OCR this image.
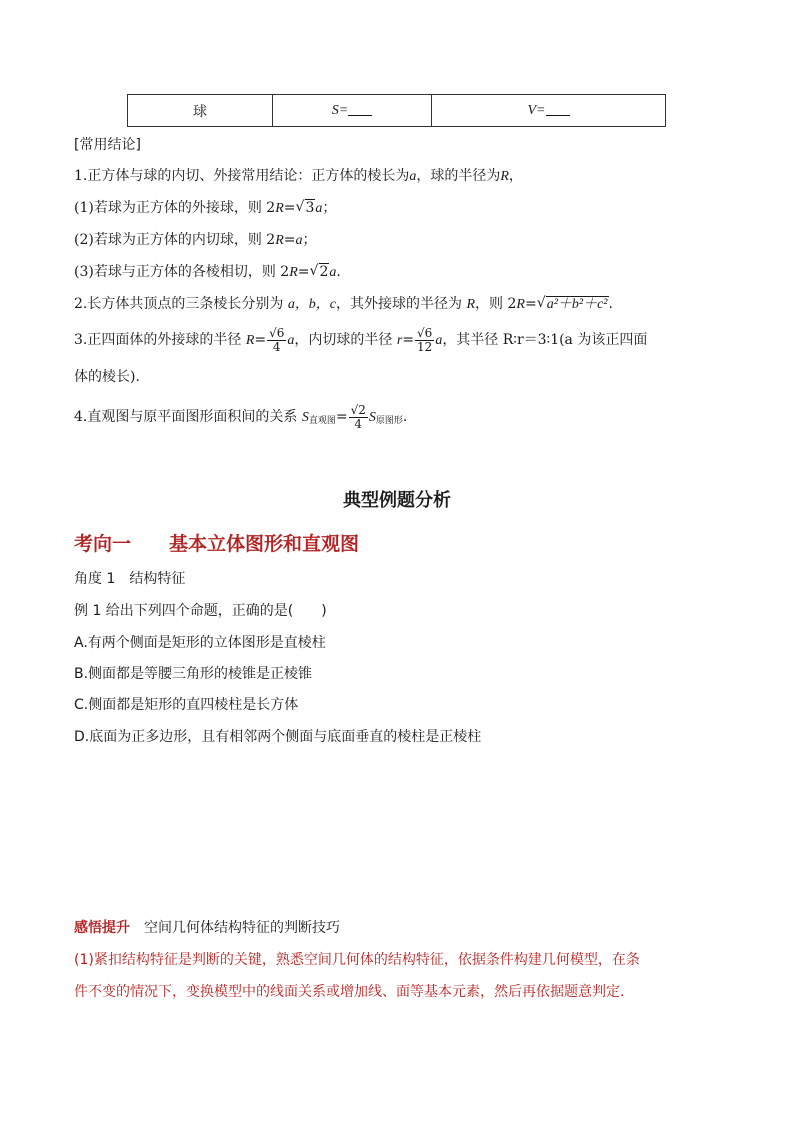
球	S=	V=
[常用结论]
1.正方体与球的内切、外接常用结论：正方体的棱长为a，球的半径为R，
(1)若球为正方体的外接球，则 2R= √ 3a；
(2)若球为正方体的内切球，则 2R=a；
(3)若球与正方体的各棱相切，则 2R= √ 2a.
2.长方体共顶点的三条棱长分别为 a，b，c，其外接球的半径为 R，则 2R= √ a²＋b²＋c².
3.正四面体的外接球的半径 $R= \frac{√6}{4}$ a，内切球的半径 $r= \frac{√6}{12}$ a，其半径 R∶r＝3∶1(a 为该正四面
体的棱长).
4.直观图与原平面图形面积间的关系 $S_{直观图}= \frac{√2}{4} S_{原图形}$.
典型例题分析
考向一 基本立体图形和直观图
角度 1　结构特征
例 1 给出下列四个命题，正确的是(　　)
A.有两个侧面是矩形的立体图形是直棱柱
B.侧面都是等腰三角形的棱锥是正棱锥
C.侧面都是矩形的直四棱柱是长方体
D.底面为正多边形，且有相邻两个侧面与底面垂直的棱柱是正棱柱
感悟提升 空间几何体结构特征的判断技巧
(1)紧扣结构特征是判断的关键，熟悉空间几何体的结构特征，依据条件构建几何模型，在条
件不变的情况下，变换模型中的线面关系或增加线、面等基本元素，然后再依据题意判定.
